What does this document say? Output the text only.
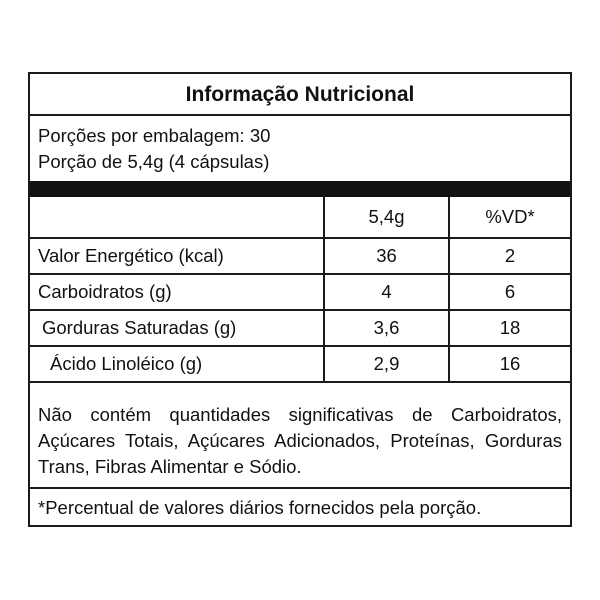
Informação Nutricional
Porções por embalagem: 30
Porção de 5,4g (4 cápsulas)
	5,4g	%VD*
Valor Energético (kcal)	36	2
Carboidratos (g)	4	6
Gorduras Saturadas (g)	3,6	18
Ácido Linoléico (g)	2,9	16
Não contém quantidades significativas de Carboidratos, Açúcares Totais, Açúcares Adicionados, Proteínas, Gorduras Trans, Fibras Alimentar e Sódio.
*Percentual de valores diários fornecidos pela porção.
